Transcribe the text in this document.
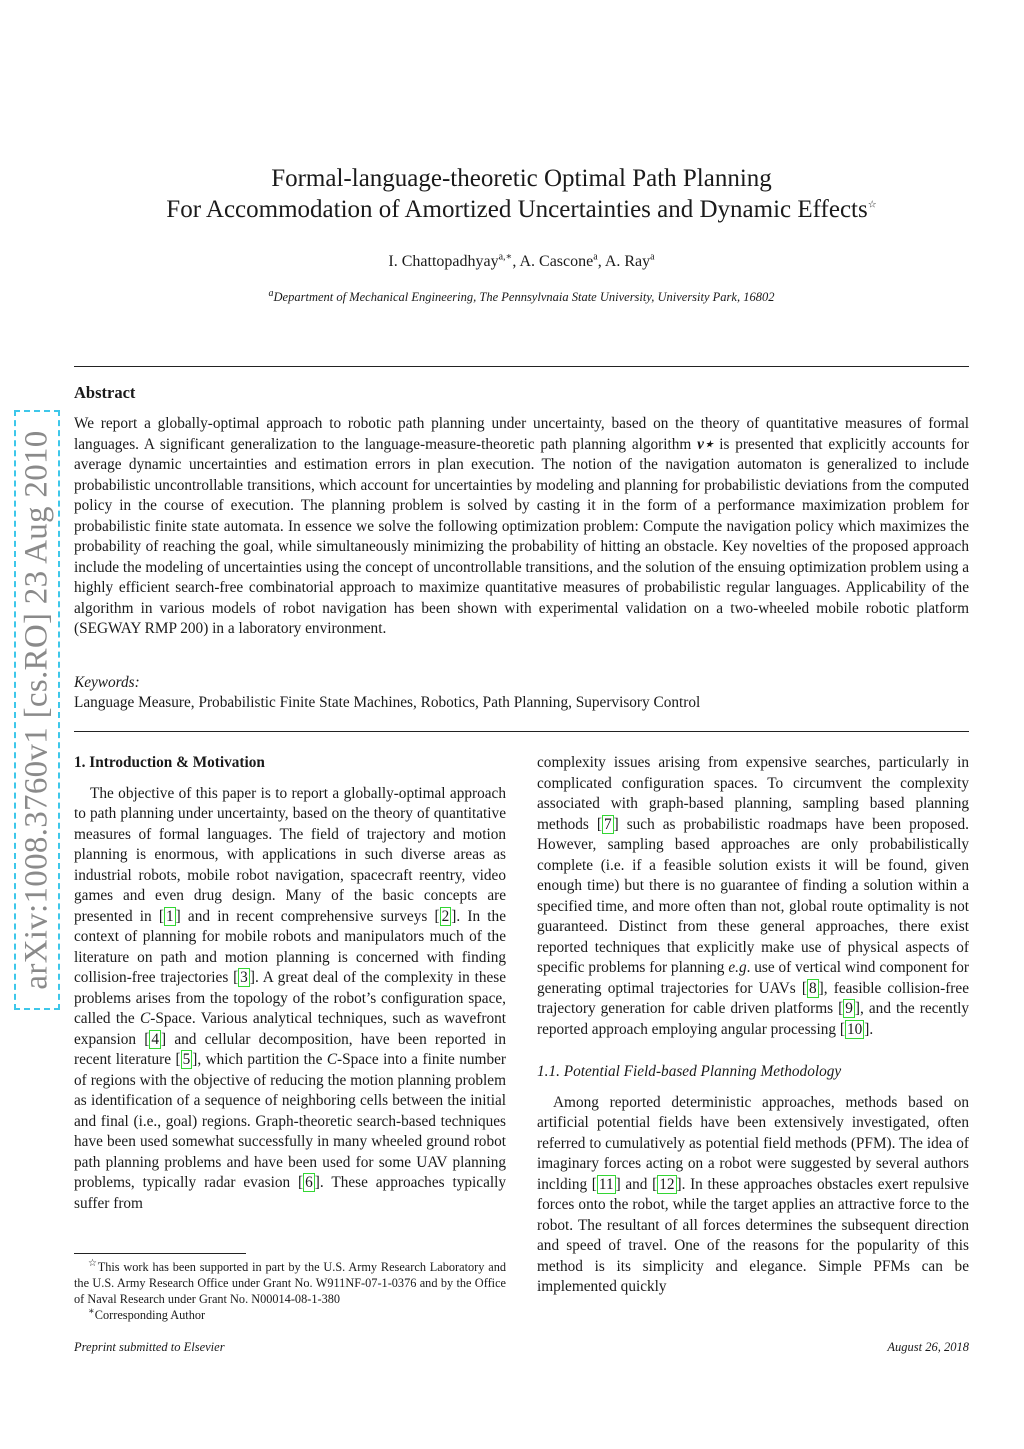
arXiv:1008.3760v1 [cs.RO] 23 Aug 2010
Formal-language-theoretic Optimal Path Planning
For Accommodation of Amortized Uncertainties and Dynamic Effects☆
I. Chattopadhyay$^{a,∗}$, A. Cascone$^a$, A. Ray$^a$
$^a$Department of Mechanical Engineering, The Pennsylvnaia State University, University Park, 16802
Abstract
We report a globally-optimal approach to robotic path planning under uncertainty, based on the theory of quantitative measures of formal languages. A significant generalization to the language-measure-theoretic path planning algorithm ν⋆ is presented that explicitly accounts for average dynamic uncertainties and estimation errors in plan execution. The notion of the navigation automaton is generalized to include probabilistic uncontrollable transitions, which account for uncertainties by modeling and planning for probabilistic deviations from the computed policy in the course of execution. The planning problem is solved by casting it in the form of a performance maximization problem for probabilistic finite state automata. In essence we solve the following optimization problem: Compute the navigation policy which maximizes the probability of reaching the goal, while simultaneously minimizing the probability of hitting an obstacle. Key novelties of the proposed approach include the modeling of uncertainties using the concept of uncontrollable transitions, and the solution of the ensuing optimization problem using a highly efficient search-free combinatorial approach to maximize quantitative measures of probabilistic regular languages. Applicability of the algorithm in various models of robot navigation has been shown with experimental validation on a two-wheeled mobile robotic platform (SEGWAY RMP 200) in a laboratory environment.
Keywords:
Language Measure, Probabilistic Finite State Machines, Robotics, Path Planning, Supervisory Control

1. Introduction & Motivation

The objective of this paper is to report a globally-optimal approach to path planning under uncertainty, based on the theory of quantitative measures of formal languages. The field of trajectory and motion planning is enormous, with applications in such diverse areas as industrial robots, mobile robot navigation, spacecraft reentry, video games and even drug design. Many of the basic concepts are presented in [ 1 ] and in recent comprehensive surveys [ 2 ]. In the context of planning for mobile robots and manipulators much of the literature on path and motion planning is concerned with finding collision-free trajectories [ 3 ]. A great deal of the complexity in these problems arises from the topology of the robot’s configuration space, called the C-Space. Various analytical techniques, such as wavefront expansion [ 4 ] and cellular decomposition, have been reported in recent literature [ 5 ], which partition the C-Space into a finite number of regions with the objective of reducing the motion planning problem as identification of a sequence of neighboring cells between the initial and final (i.e., goal) regions. Graph-theoretic search-based techniques have been used somewhat successfully in many wheeled ground robot path planning problems and have been used for some UAV planning problems, typically radar evasion [ 6 ]. These approaches typically suffer from

complexity issues arising from expensive searches, particularly in complicated configuration spaces. To circumvent the complexity associated with graph-based planning, sampling based planning methods [ 7 ] such as probabilistic roadmaps have been proposed. However, sampling based approaches are only probabilistically complete (i.e. if a feasible solution exists it will be found, given enough time) but there is no guarantee of finding a solution within a specified time, and more often than not, global route optimality is not guaranteed. Distinct from these general approaches, there exist reported techniques that explicitly make use of physical aspects of specific problems for planning e.g. use of vertical wind component for generating optimal trajectories for UAVs [ 8 ], feasible collision-free trajectory generation for cable driven platforms [ 9 ], and the recently reported approach employing angular processing [ 10 ].

1.1. Potential Field-based Planning Methodology

Among reported deterministic approaches, methods based on artificial potential fields have been extensively investigated, often referred to cumulatively as potential field methods (PFM). The idea of imaginary forces acting on a robot were suggested by several authors inclding [ 11 ] and [ 12 ]. In these approaches obstacles exert repulsive forces onto the robot, while the target applies an attractive force to the robot. The resultant of all forces determines the subsequent direction and speed of travel. One of the reasons for the popularity of this method is its simplicity and elegance. Simple PFMs can be implemented quickly

☆This work has been supported in part by the U.S. Army Research Laboratory and the U.S. Army Research Office under Grant No. W911NF-07-1-0376 and by the Office of Naval Research under Grant No. N00014-08-1-380

∗Corresponding Author

Preprint submitted to Elsevier	August 26, 2018
